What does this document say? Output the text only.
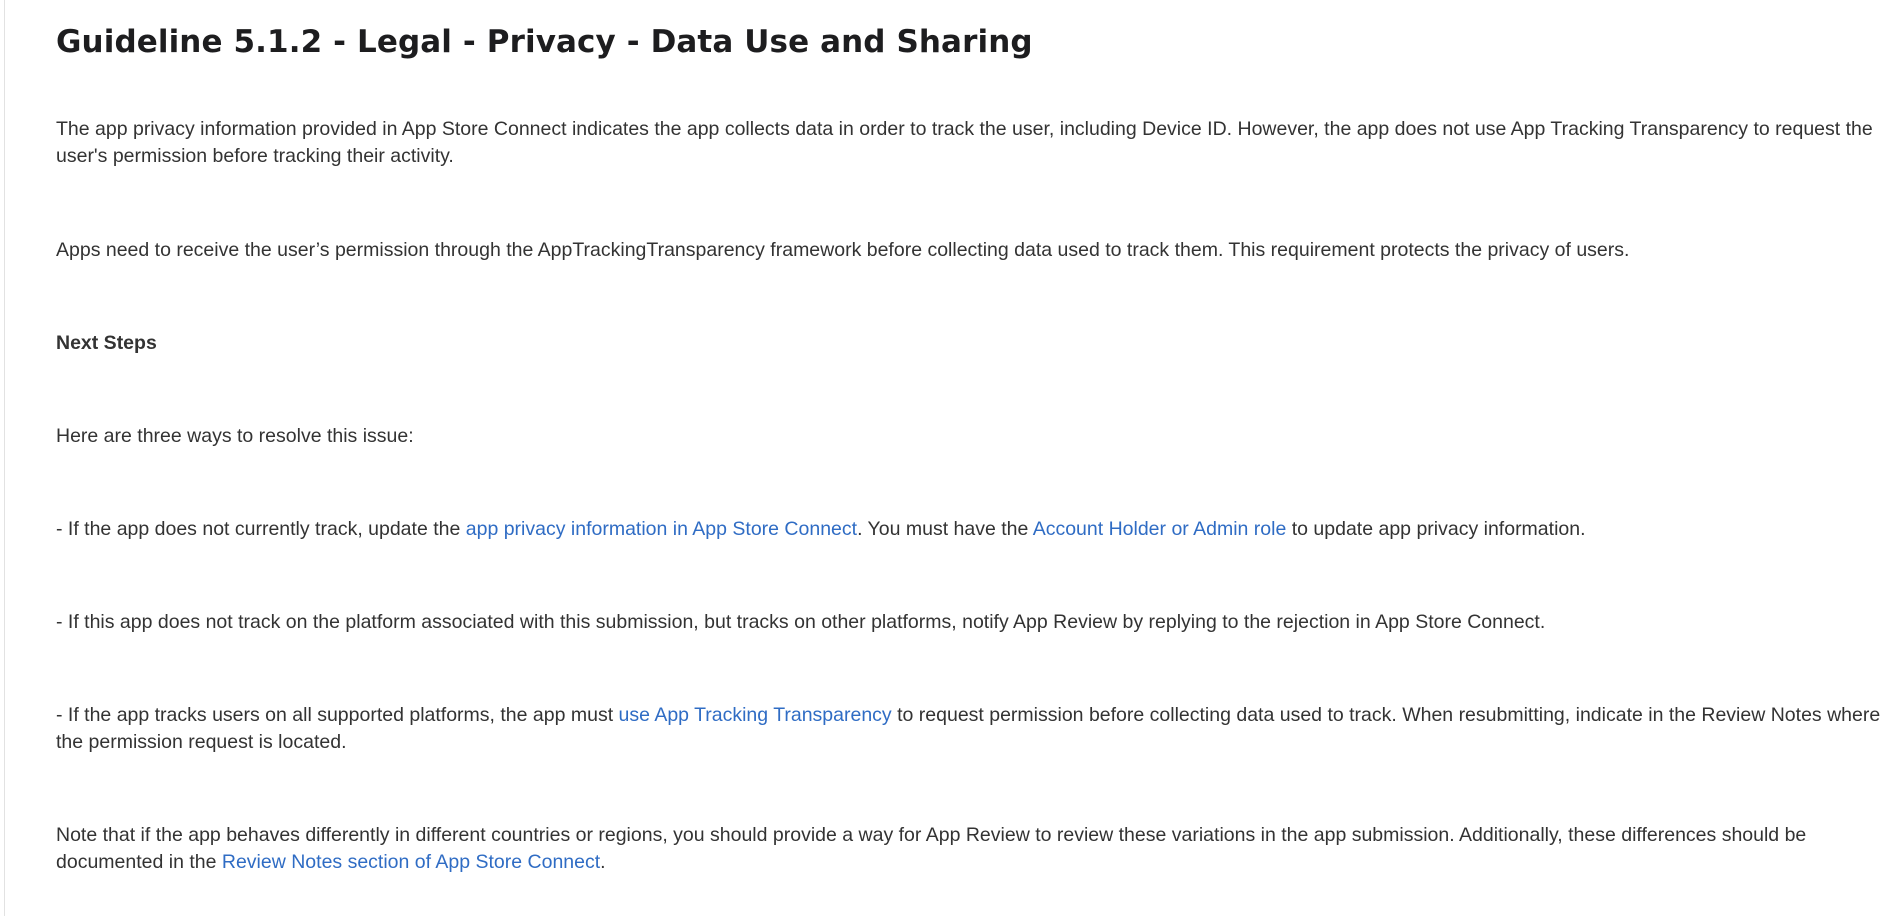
Guideline 5.1.2 - Legal - Privacy - Data Use and Sharing

The app privacy information provided in App Store Connect indicates the app collects data in order to track the user, including Device ID. However, the app does not use App Tracking Transparency to request the user's permission before tracking their activity.

Apps need to receive the user’s permission through the AppTrackingTransparency framework before collecting data used to track them. This requirement protects the privacy of users.

Next Steps

Here are three ways to resolve this issue:

- If the app does not currently track, update the app privacy information in App Store Connect. You must have the Account Holder or Admin role to update app privacy information.

- If this app does not track on the platform associated with this submission, but tracks on other platforms, notify App Review by replying to the rejection in App Store Connect.

- If the app tracks users on all supported platforms, the app must use App Tracking Transparency to request permission before collecting data used to track. When resubmitting, indicate in the Review Notes where the permission request is located.

Note that if the app behaves differently in different countries or regions, you should provide a way for App Review to review these variations in the app submission. Additionally, these differences should be documented in the Review Notes section of App Store Connect.
